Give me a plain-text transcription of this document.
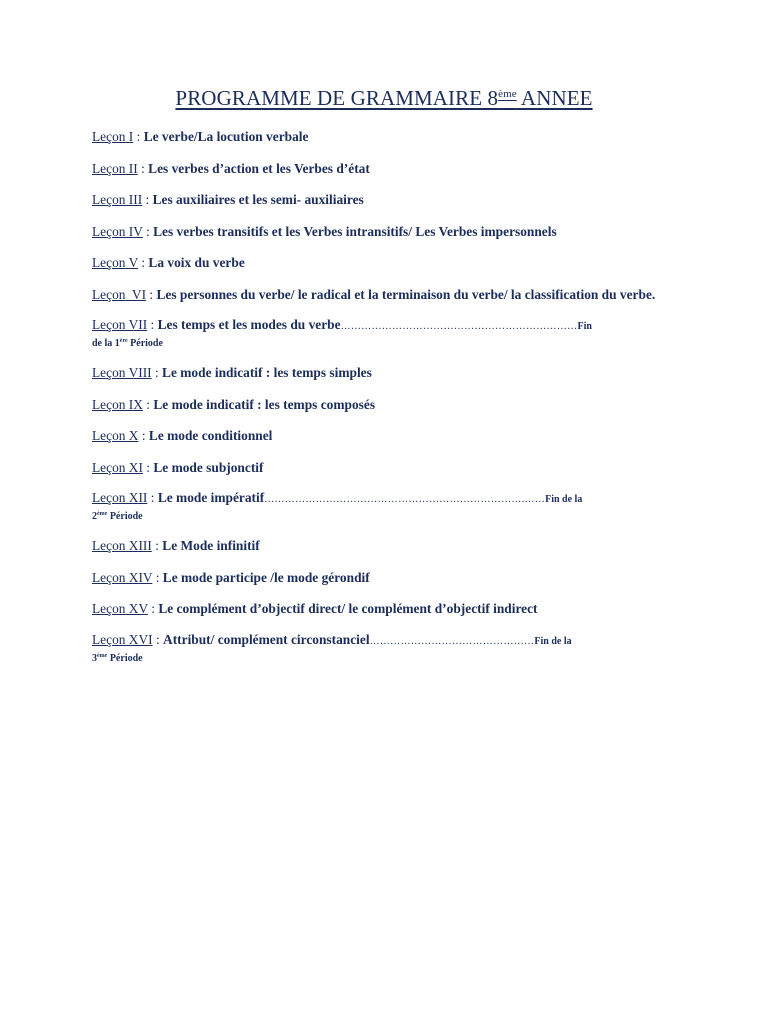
PROGRAMME DE GRAMMAIRE 8ème ANNEE
Leçon I : Le verbe/La locution verbale
Leçon II : Les verbes d’action et les Verbes d’état
Leçon III : Les auxiliaires et les semi- auxiliaires
Leçon IV : Les verbes transitifs et les Verbes intransitifs/ Les Verbes impersonnels
Leçon V : La voix du verbe
Leçon  VI : Les personnes du verbe/ le radical et la terminaison du verbe/ la classification du verbe.
Leçon VII : Les temps et les modes du verbe……………………………………………………………Fin
de la 1ère Période
Leçon VIII : Le mode indicatif : les temps simples
Leçon IX : Le mode indicatif : les temps composés
Leçon X : Le mode conditionnel
Leçon XI : Le mode subjonctif
Leçon XII : Le mode impératif………………………………………………………………….……Fin de la
2ème Période
Leçon XIII : Le Mode infinitif
Leçon XIV : Le mode participe /le mode gérondif
Leçon XV : Le complément d’objectif direct/ le complément d’objectif indirect
Leçon XVI : Attribut/ complément circonstanciel…………………………………………Fin de la
3ème Période
